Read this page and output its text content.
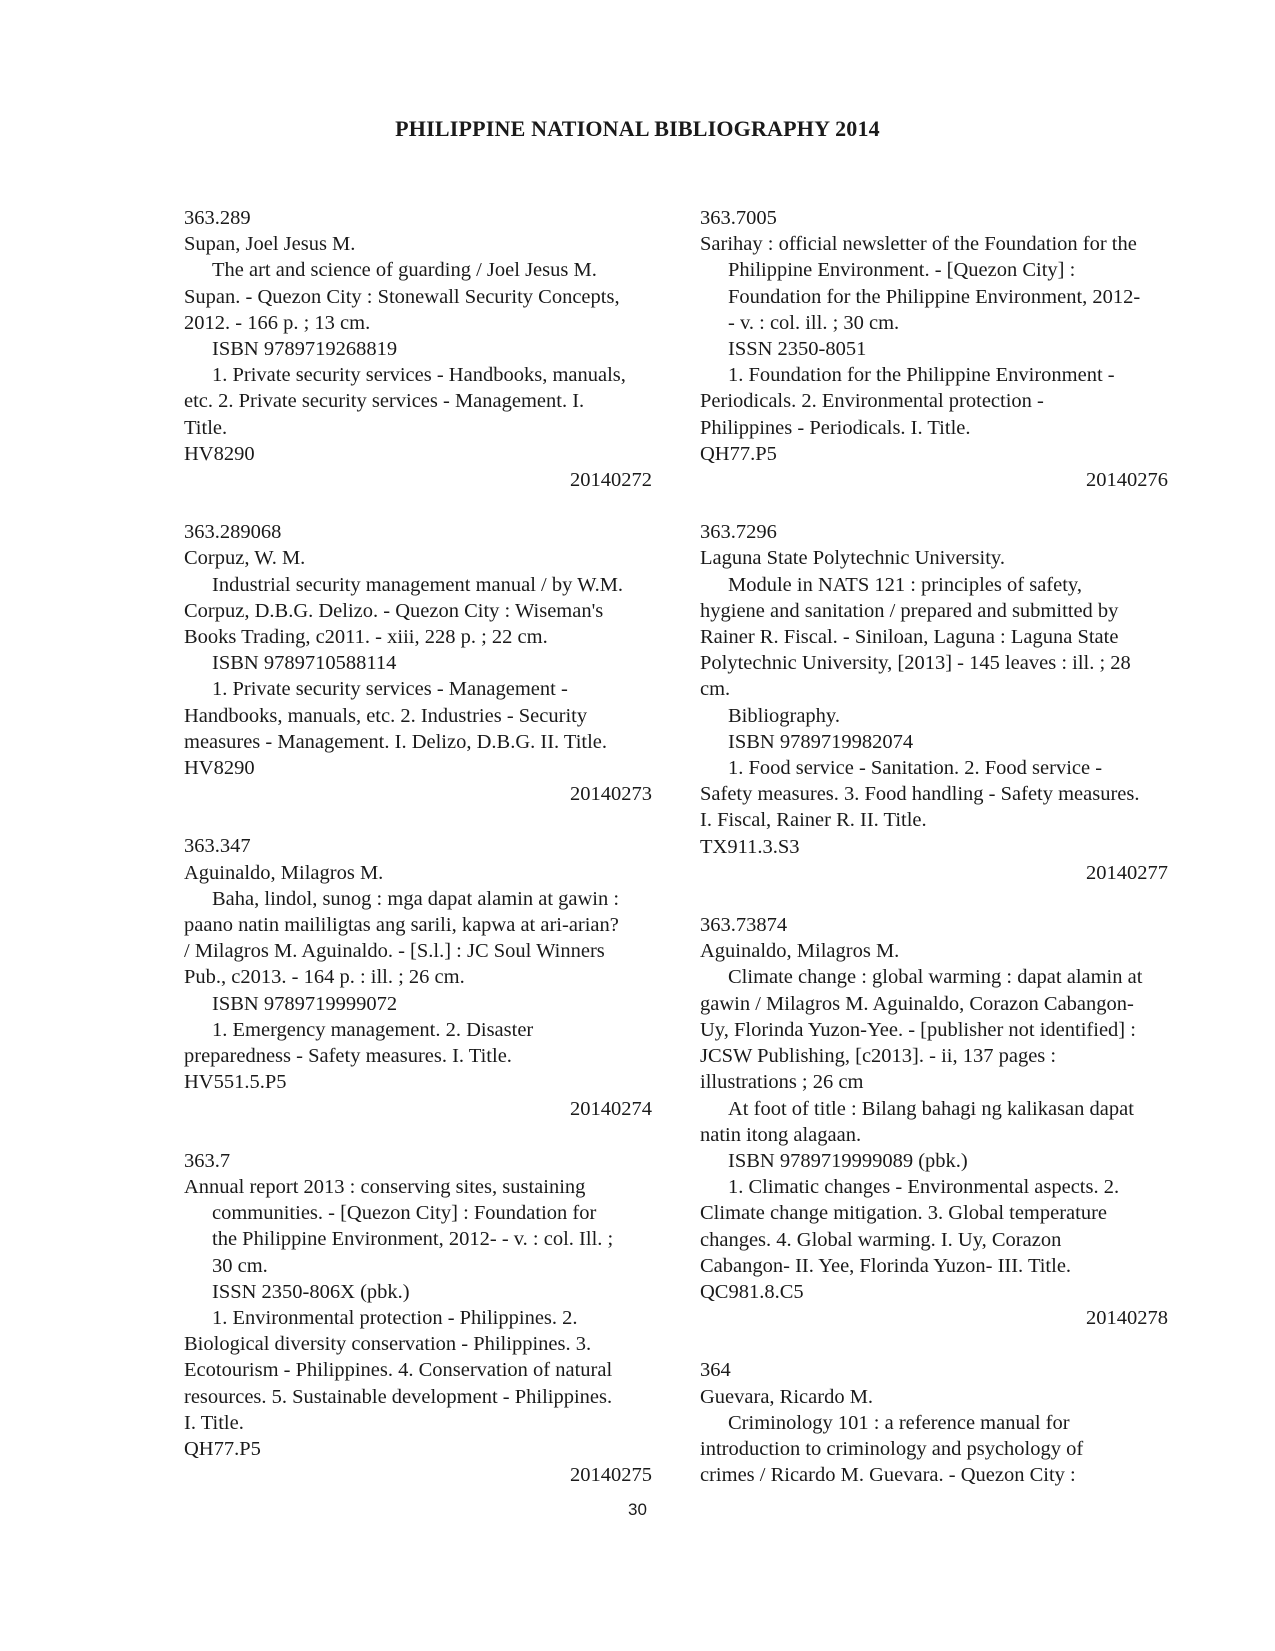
PHILIPPINE NATIONAL BIBLIOGRAPHY 2014
363.289
Supan, Joel Jesus M.
The art and science of guarding / Joel Jesus M.
Supan. - Quezon City : Stonewall Security Concepts,
2012. - 166 p. ; 13 cm.
ISBN 9789719268819
1. Private security services - Handbooks, manuals,
etc. 2. Private security services - Management. I.
Title.
HV8290
20140272
363.289068
Corpuz, W. M.
Industrial security management manual / by W.M.
Corpuz, D.B.G. Delizo. - Quezon City : Wiseman's
Books Trading, c2011. - xiii, 228 p. ; 22 cm.
ISBN 9789710588114
1. Private security services - Management -
Handbooks, manuals, etc. 2. Industries - Security
measures - Management. I. Delizo, D.B.G. II. Title.
HV8290
20140273
363.347
Aguinaldo, Milagros M.
Baha, lindol, sunog : mga dapat alamin at gawin :
paano natin maililigtas ang sarili, kapwa at ari-arian?
/ Milagros M. Aguinaldo. - [S.l.] : JC Soul Winners
Pub., c2013. - 164 p. : ill. ; 26 cm.
ISBN 9789719999072
1. Emergency management. 2. Disaster
preparedness - Safety measures. I. Title.
HV551.5.P5
20140274
363.7
Annual report 2013 : conserving sites, sustaining
communities. - [Quezon City] : Foundation for
the Philippine Environment, 2012- - v. : col. Ill. ;
30 cm.
ISSN 2350-806X (pbk.)
1. Environmental protection - Philippines. 2.
Biological diversity conservation - Philippines. 3.
Ecotourism - Philippines. 4. Conservation of natural
resources. 5. Sustainable development - Philippines.
I. Title.
QH77.P5
20140275
363.7005
Sarihay : official newsletter of the Foundation for the
Philippine Environment. - [Quezon City] :
Foundation for the Philippine Environment, 2012-
- v. : col. ill. ; 30 cm.
ISSN 2350-8051
1. Foundation for the Philippine Environment -
Periodicals. 2. Environmental protection -
Philippines - Periodicals. I. Title.
QH77.P5
20140276
363.7296
Laguna State Polytechnic University.
Module in NATS 121 : principles of safety,
hygiene and sanitation / prepared and submitted by
Rainer R. Fiscal. - Siniloan, Laguna : Laguna State
Polytechnic University, [2013] - 145 leaves : ill. ; 28
cm.
Bibliography.
ISBN 9789719982074
1. Food service - Sanitation. 2. Food service -
Safety measures. 3. Food handling - Safety measures.
I. Fiscal, Rainer R. II. Title.
TX911.3.S3
20140277
363.73874
Aguinaldo, Milagros M.
Climate change : global warming : dapat alamin at
gawin / Milagros M. Aguinaldo, Corazon Cabangon-
Uy, Florinda Yuzon-Yee. - [publisher not identified] :
JCSW Publishing, [c2013]. - ii, 137 pages :
illustrations ; 26 cm
At foot of title : Bilang bahagi ng kalikasan dapat
natin itong alagaan.
ISBN 9789719999089 (pbk.)
1. Climatic changes - Environmental aspects. 2.
Climate change mitigation. 3. Global temperature
changes. 4. Global warming. I. Uy, Corazon
Cabangon- II. Yee, Florinda Yuzon- III. Title.
QC981.8.C5
20140278
364
Guevara, Ricardo M.
Criminology 101 : a reference manual for
introduction to criminology and psychology of
crimes / Ricardo M. Guevara. - Quezon City :
30
